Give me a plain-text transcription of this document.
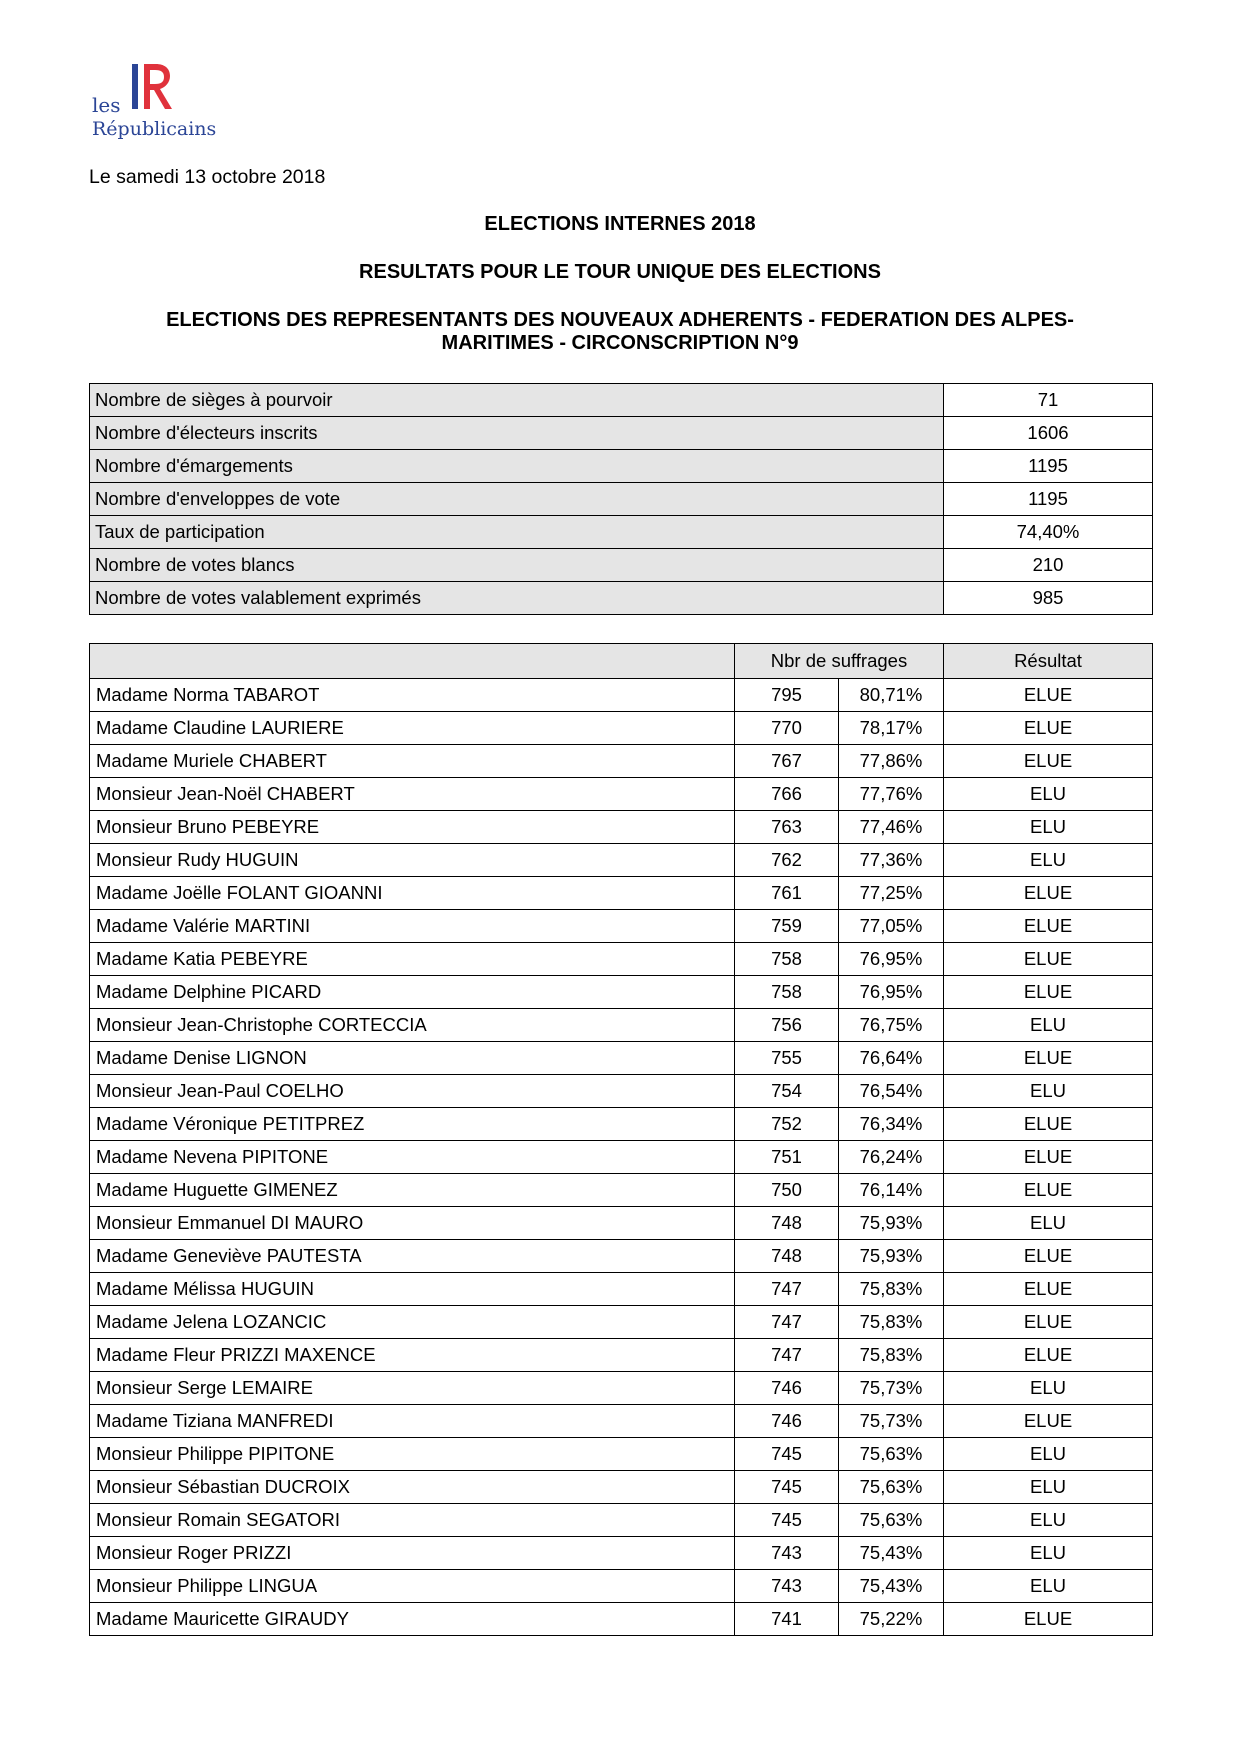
les
Républicains
Le samedi 13 octobre 2018
ELECTIONS INTERNES 2018
RESULTATS POUR LE TOUR UNIQUE DES ELECTIONS
ELECTIONS DES REPRESENTANTS DES NOUVEAUX ADHERENTS - FEDERATION DES ALPES-
MARITIMES - CIRCONSCRIPTION N°9
Nombre de sièges à pourvoir	71
Nombre d'électeurs inscrits	1606
Nombre d'émargements	1195
Nombre d'enveloppes de vote	1195
Taux de participation	74,40%
Nombre de votes blancs	210
Nombre de votes valablement exprimés	985
	Nbr de suffrages		Résultat
Madame Norma TABAROT	795	80,71%	ELUE
Madame Claudine LAURIERE	770	78,17%	ELUE
Madame Muriele CHABERT	767	77,86%	ELUE
Monsieur Jean-Noël CHABERT	766	77,76%	ELU
Monsieur Bruno PEBEYRE	763	77,46%	ELU
Monsieur Rudy HUGUIN	762	77,36%	ELU
Madame Joëlle FOLANT GIOANNI	761	77,25%	ELUE
Madame Valérie MARTINI	759	77,05%	ELUE
Madame Katia PEBEYRE	758	76,95%	ELUE
Madame Delphine PICARD	758	76,95%	ELUE
Monsieur Jean-Christophe CORTECCIA	756	76,75%	ELU
Madame Denise LIGNON	755	76,64%	ELUE
Monsieur Jean-Paul COELHO	754	76,54%	ELU
Madame Véronique PETITPREZ	752	76,34%	ELUE
Madame Nevena PIPITONE	751	76,24%	ELUE
Madame Huguette GIMENEZ	750	76,14%	ELUE
Monsieur Emmanuel DI MAURO	748	75,93%	ELU
Madame Geneviève PAUTESTA	748	75,93%	ELUE
Madame Mélissa HUGUIN	747	75,83%	ELUE
Madame Jelena LOZANCIC	747	75,83%	ELUE
Madame Fleur PRIZZI MAXENCE	747	75,83%	ELUE
Monsieur Serge LEMAIRE	746	75,73%	ELU
Madame Tiziana MANFREDI	746	75,73%	ELUE
Monsieur Philippe PIPITONE	745	75,63%	ELU
Monsieur Sébastian DUCROIX	745	75,63%	ELU
Monsieur Romain SEGATORI	745	75,63%	ELU
Monsieur Roger PRIZZI	743	75,43%	ELU
Monsieur Philippe LINGUA	743	75,43%	ELU
Madame Mauricette GIRAUDY	741	75,22%	ELUE
